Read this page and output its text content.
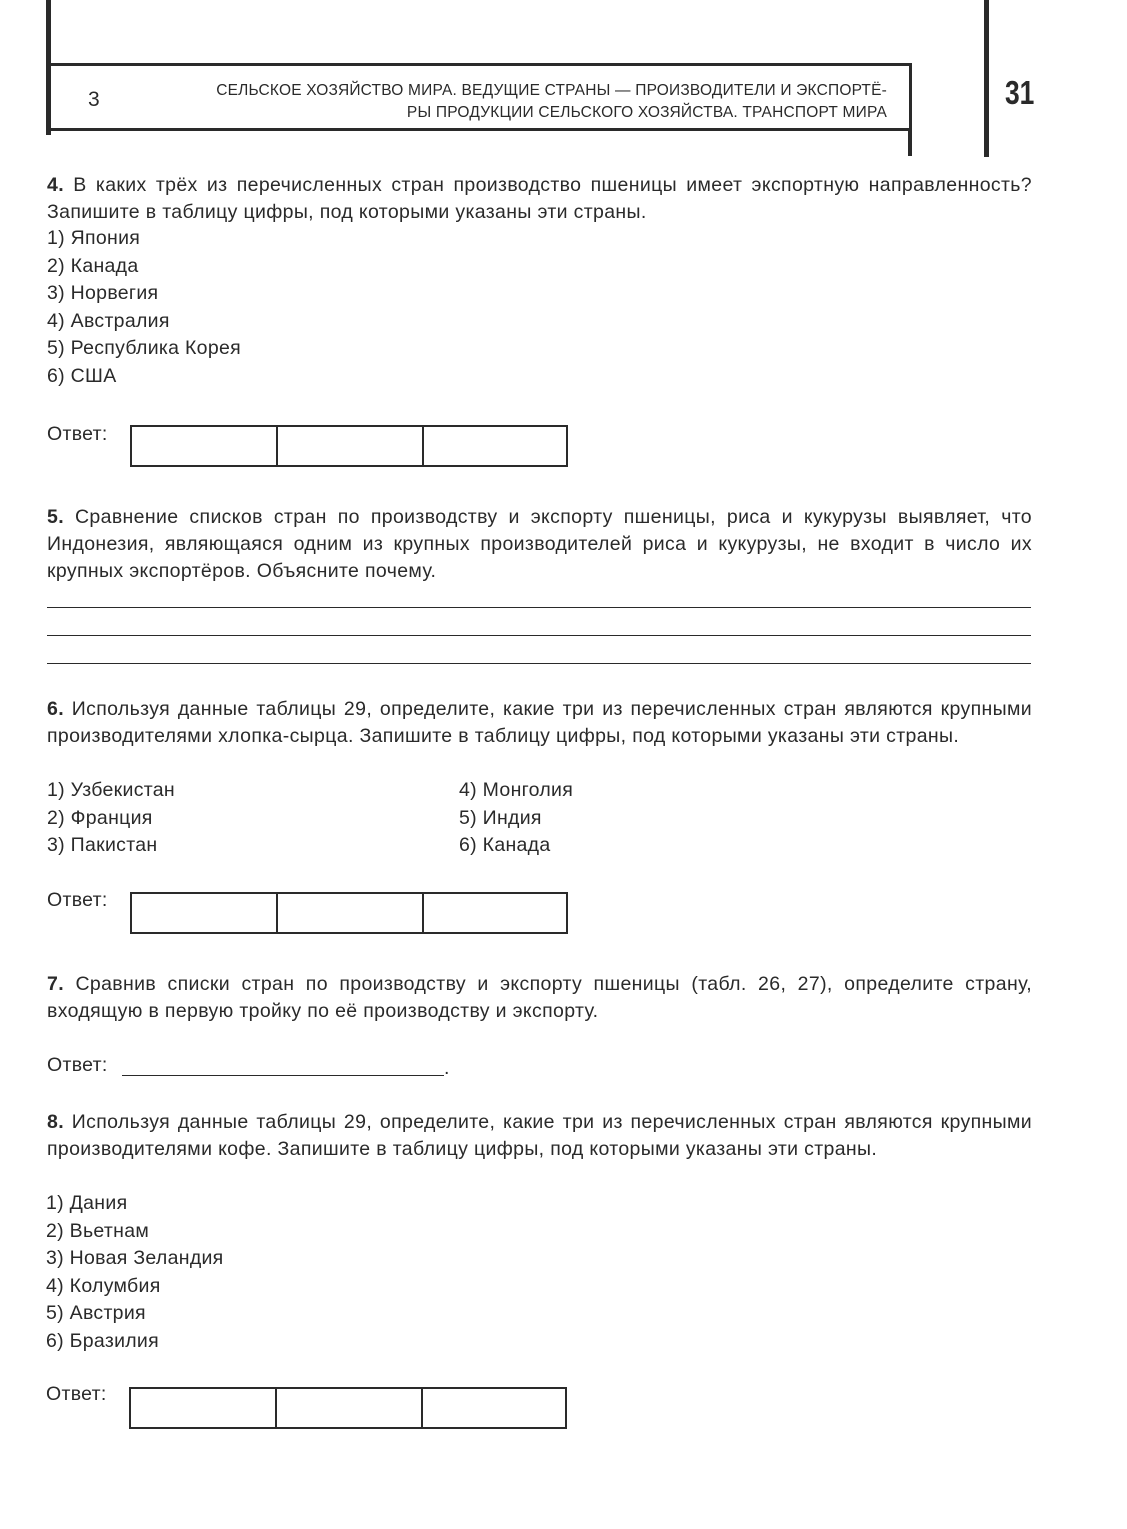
3	СЕЛЬСКОЕ ХОЗЯЙСТВО МИРА. ВЕДУЩИЕ СТРАНЫ — ПРОИЗВОДИТЕЛИ И ЭКСПОРТЁ-
РЫ ПРОДУКЦИИ СЕЛЬСКОГО ХОЗЯЙСТВА. ТРАНСПОРТ МИРА
31
4. В каких трёх из перечисленных стран производство пшеницы имеет экспортную направленность? Запишите в таблицу цифры, под которыми указаны эти страны.
1) Япония
2) Канада
3) Норвегия
4) Австралия
5) Республика Корея
6) США
Ответ:
5. Сравнение списков стран по производству и экспорту пшеницы, риса и кукурузы выявляет, что Индонезия, являющаяся одним из крупных производителей риса и кукурузы, не входит в число их крупных экспортёров. Объясните почему.
6. Используя данные таблицы 29, определите, какие три из перечисленных стран являются крупными производителями хлопка-сырца. Запишите в таблицу цифры, под которыми указаны эти страны.
1) Узбекистан
2) Франция
3) Пакистан
4) Монголия
5) Индия
6) Канада
Ответ:
7. Сравнив списки стран по производству и экспорту пшеницы (табл. 26, 27), определите страну, входящую в первую тройку по её производству и экспорту.
Ответ:	.
8. Используя данные таблицы 29, определите, какие три из перечисленных стран являются крупными производителями кофе. Запишите в таблицу цифры, под которыми указаны эти страны.
1) Дания
2) Вьетнам
3) Новая Зеландия
4) Колумбия
5) Австрия
6) Бразилия
Ответ:
